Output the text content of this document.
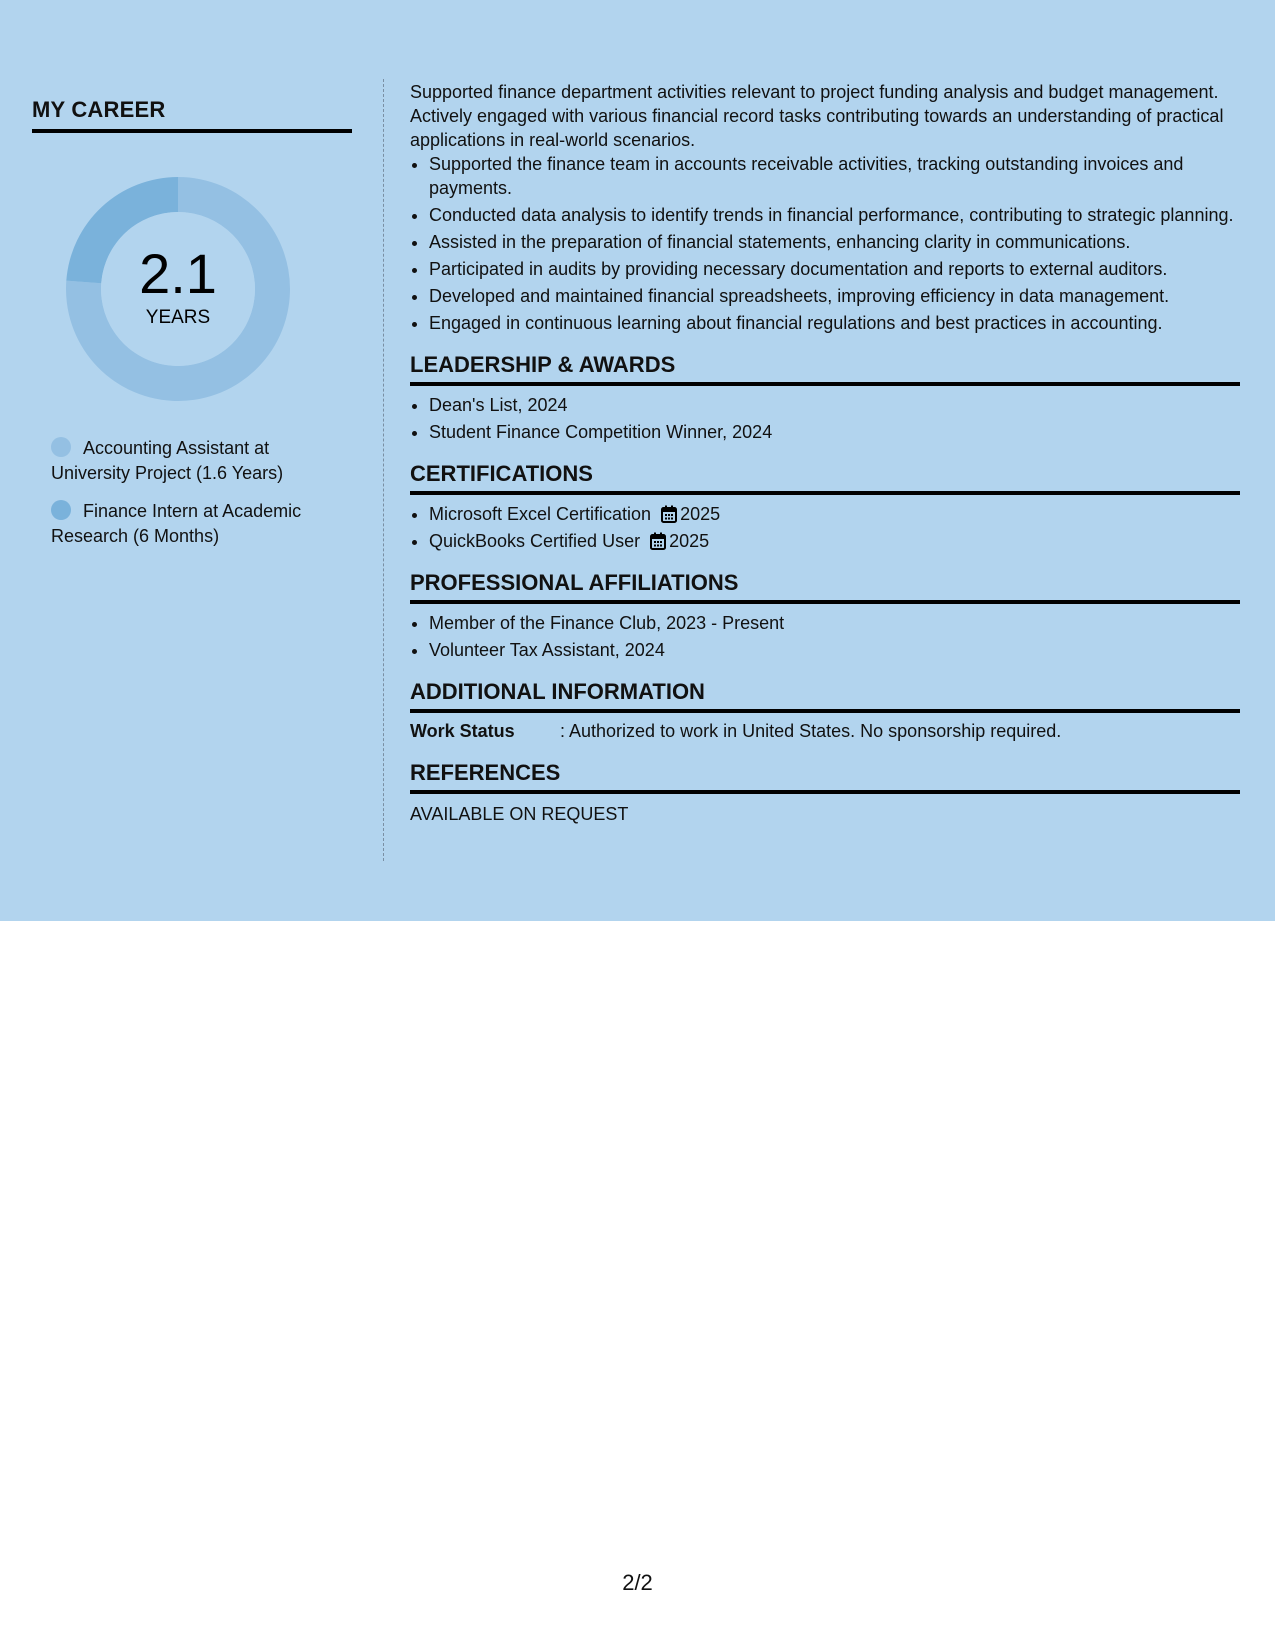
MY CAREER
2.1
YEARS
Accounting Assistant at University Project (1.6 Years)
Finance Intern at Academic Research (6 Months)

Supported finance department activities relevant to project funding analysis and budget management. Actively engaged with various financial record tasks contributing towards an understanding of practical applications in real-world scenarios.

• Supported the finance team in accounts receivable activities, tracking outstanding invoices and payments.
• Conducted data analysis to identify trends in financial performance, contributing to strategic planning.
• Assisted in the preparation of financial statements, enhancing clarity in communications.
• Participated in audits by providing necessary documentation and reports to external auditors.
• Developed and maintained financial spreadsheets, improving efficiency in data management.
• Engaged in continuous learning about financial regulations and best practices in accounting.
LEADERSHIP & AWARDS
• Dean's List, 2024
• Student Finance Competition Winner, 2024
CERTIFICATIONS
• Microsoft Excel Certification 2025
• QuickBooks Certified User 2025
PROFESSIONAL AFFILIATIONS
• Member of the Finance Club, 2023 - Present
• Volunteer Tax Assistant, 2024
ADDITIONAL INFORMATION
Work Status	: Authorized to work in United States. No sponsorship required.
REFERENCES
AVAILABLE ON REQUEST
2/2
